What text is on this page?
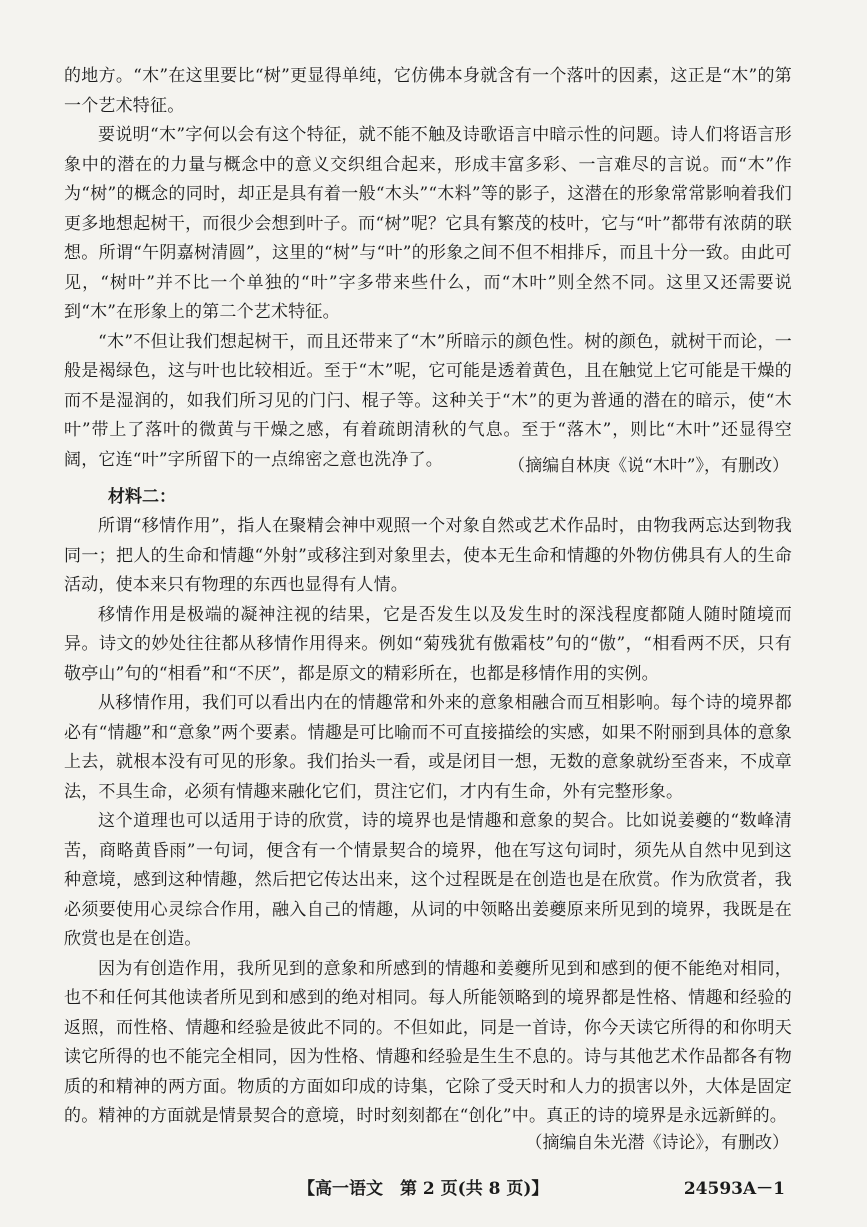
的地方。“木”在这里要比“树”更显得单纯，它仿佛本身就含有一个落叶的因素，这正是“木”的第一个艺术特征。

要说明“木”字何以会有这个特征，就不能不触及诗歌语言中暗示性的问题。诗人们将语言形象中的潜在的力量与概念中的意义交织组合起来，形成丰富多彩、一言难尽的言说。而“木”作为“树”的概念的同时，却正是具有着一般“木头”“木料”等的影子，这潜在的形象常常影响着我们更多地想起树干，而很少会想到叶子。而“树”呢？它具有繁茂的枝叶，它与“叶”都带有浓荫的联想。所谓“午阴嘉树清圆”，这里的“树”与“叶”的形象之间不但不相排斥，而且十分一致。由此可见，“树叶”并不比一个单独的“叶”字多带来些什么，而“木叶”则全然不同。这里又还需要说到“木”在形象上的第二个艺术特征。

“木”不但让我们想起树干，而且还带来了“木”所暗示的颜色性。树的颜色，就树干而论，一般是褐绿色，这与叶也比较相近。至于“木”呢，它可能是透着黄色，且在触觉上它可能是干燥的而不是湿润的，如我们所习见的门闩、棍子等。这种关于“木”的更为普通的潜在的暗示，使“木叶”带上了落叶的微黄与干燥之感，有着疏朗清秋的气息。至于“落木”，则比“木叶”还显得空阔，它连“叶”字所留下的一点绵密之意也洗净了。	（摘编自林庚《说“木叶”》，有删改）

材料二：

所谓“移情作用”，指人在聚精会神中观照一个对象自然或艺术作品时，由物我两忘达到物我同一；把人的生命和情趣“外射”或移注到对象里去，使本无生命和情趣的外物仿佛具有人的生命活动，使本来只有物理的东西也显得有人情。

移情作用是极端的凝神注视的结果，它是否发生以及发生时的深浅程度都随人随时随境而异。诗文的妙处往往都从移情作用得来。例如“菊残犹有傲霜枝”句的“傲”，“相看两不厌，只有敬亭山”句的“相看”和“不厌”，都是原文的精彩所在，也都是移情作用的实例。

从移情作用，我们可以看出内在的情趣常和外来的意象相融合而互相影响。每个诗的境界都必有“情趣”和“意象”两个要素。情趣是可比喻而不可直接描绘的实感，如果不附丽到具体的意象上去，就根本没有可见的形象。我们抬头一看，或是闭目一想，无数的意象就纷至沓来，不成章法，不具生命，必须有情趣来融化它们，贯注它们，才内有生命，外有完整形象。

这个道理也可以适用于诗的欣赏，诗的境界也是情趣和意象的契合。比如说姜夔的“数峰清苦，商略黄昏雨”一句词，便含有一个情景契合的境界，他在写这句词时，须先从自然中见到这种意境，感到这种情趣，然后把它传达出来，这个过程既是在创造也是在欣赏。作为欣赏者，我必须要使用心灵综合作用，融入自己的情趣，从词的中领略出姜夔原来所见到的境界，我既是在欣赏也是在创造。

因为有创造作用，我所见到的意象和所感到的情趣和姜夔所见到和感到的便不能绝对相同，也不和任何其他读者所见到和感到的绝对相同。每人所能领略到的境界都是性格、情趣和经验的返照，而性格、情趣和经验是彼此不同的。不但如此，同是一首诗，你今天读它所得的和你明天读它所得的也不能完全相同，因为性格、情趣和经验是生生不息的。诗与其他艺术作品都各有物质的和精神的两方面。物质的方面如印成的诗集，它除了受天时和人力的损害以外，大体是固定的。精神的方面就是情景契合的意境，时时刻刻都在“创化”中。真正的诗的境界是永远新鲜的。

（摘编自朱光潜《诗论》，有删改）

【高一语文　第 2 页(共 8 页)】	24593A－1
